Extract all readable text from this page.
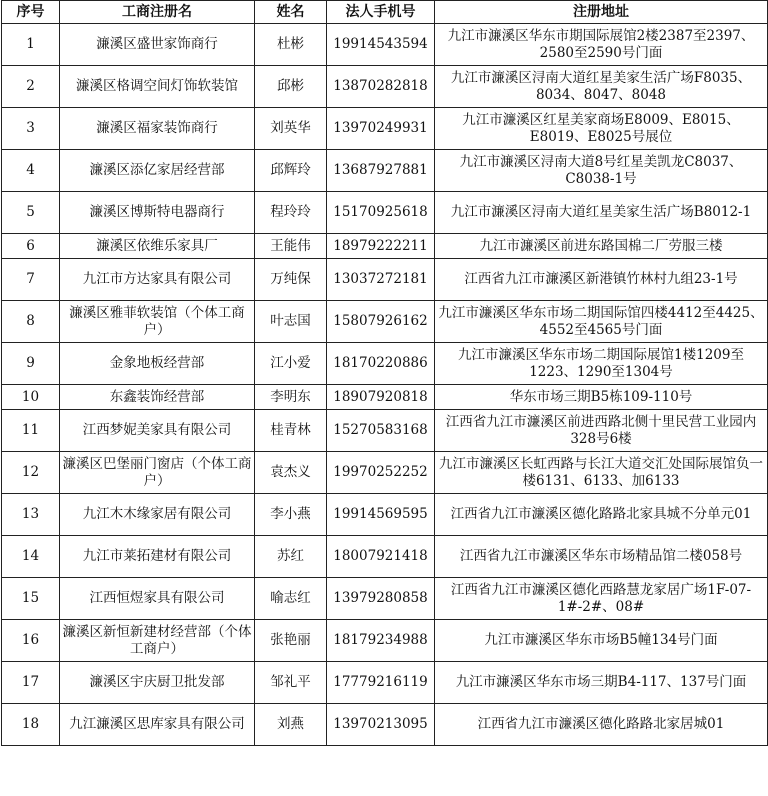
序号	工商注册名	姓名	法人手机号	注册地址
1	濂溪区盛世家饰商行	杜彬	19914543594	九江市濂溪区华东市期国际展馆2楼2387至2397、2580至2590号门面
2	濂溪区格调空间灯饰软装馆	邱彬	13870282818	九江市濂溪区浔南大道红星美家生活广场F8035、8034、8047、8048
3	濂溪区福家装饰商行	刘英华	13970249931	九江市濂溪区红星美家商场E8009、E8015、E8019、E8025号展位
4	濂溪区添亿家居经营部	邱辉玲	13687927881	九江市濂溪区浔南大道8号红星美凯龙C8037、C8038-1号
5	濂溪区博斯特电器商行	程玲玲	15170925618	九江市濂溪区浔南大道红星美家生活广场B8012-1
6	濂溪区依维乐家具厂	王能伟	18979222211	九江市濂溪区前进东路国棉二厂劳服三楼
7	九江市方达家具有限公司	万纯保	13037272181	江西省九江市濂溪区新港镇竹林村九组23-1号
8	濂溪区雅菲软装馆（个体工商户）	叶志国	15807926162	九江市濂溪区华东市场二期国际馆四楼4412至4425、4552至4565号门面
9	金象地板经营部	江小爱	18170220886	九江市濂溪区华东市场二期国际展馆1楼1209至1223、1290至1304号
10	东鑫装饰经营部	李明东	18907920818	华东市场三期B5栋109-110号
11	江西梦妮美家具有限公司	桂青林	15270583168	江西省九江市濂溪区前进西路北侧十里民营工业园内328号6楼
12	濂溪区巴堡丽门窗店（个体工商户）	袁杰义	19970252252	九江市濂溪区长虹西路与长江大道交汇处国际展馆负一楼6131、6133、加6133
13	九江木木缘家居有限公司	李小燕	19914569595	江西省九江市濂溪区德化路路北家具城不分单元01
14	九江市莱拓建材有限公司	苏红	18007921418	江西省九江市濂溪区华东市场精品馆二楼058号
15	江西恒煜家具有限公司	喻志红	13979280858	江西省九江市濂溪区德化西路慧龙家居广场1F-07-1#-2#、08#
16	濂溪区新恒新建材经营部（个体工商户）	张艳丽	18179234988	九江市濂溪区华东市场B5幢134号门面
17	濂溪区宇庆厨卫批发部	邹礼平	17779216119	九江市濂溪区华东市场三期B4-117、137号门面
18	九江濂溪区思库家具有限公司	刘燕	13970213095	江西省九江市濂溪区德化路路北家居城01
